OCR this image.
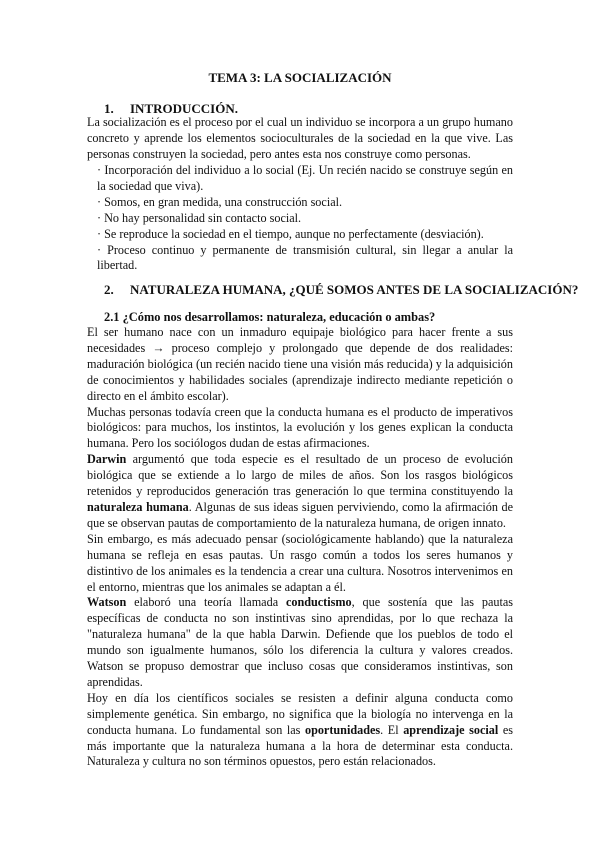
TEMA 3: LA SOCIALIZACIÓN
1. INTRODUCCIÓN.

La socialización es el proceso por el cual un individuo se incorpora a un grupo humano concreto y aprende los elementos socioculturales de la sociedad en la que vive. Las personas construyen la sociedad, pero antes esta nos construye como personas.

· Incorporación del individuo a lo social (Ej. Un recién nacido se construye según en la sociedad que viva).

· Somos, en gran medida, una construcción social.

· No hay personalidad sin contacto social.

· Se reproduce la sociedad en el tiempo, aunque no perfectamente (desviación).

· Proceso continuo y permanente de transmisión cultural, sin llegar a anular la libertad.

2. NATURALEZA HUMANA, ¿QUÉ SOMOS ANTES DE LA SOCIALIZACIÓN?
2.1 ¿Cómo nos desarrollamos: naturaleza, educación o ambas?

El ser humano nace con un inmaduro equipaje biológico para hacer frente a sus necesidades → proceso complejo y prolongado que depende de dos realidades: maduración biológica (un recién nacido tiene una visión más reducida) y la adquisición de conocimientos y habilidades sociales (aprendizaje indirecto mediante repetición o directo en el ámbito escolar).

Muchas personas todavía creen que la conducta humana es el producto de imperativos biológicos: para muchos, los instintos, la evolución y los genes explican la conducta humana. Pero los sociólogos dudan de estas afirmaciones.

Darwin argumentó que toda especie es el resultado de un proceso de evolución biológica que se extiende a lo largo de miles de años. Son los rasgos biológicos retenidos y reproducidos generación tras generación lo que termina constituyendo la naturaleza humana. Algunas de sus ideas siguen perviviendo, como la afirmación de que se observan pautas de comportamiento de la naturaleza humana, de origen innato.

Sin embargo, es más adecuado pensar (sociológicamente hablando) que la naturaleza humana se refleja en esas pautas. Un rasgo común a todos los seres humanos y distintivo de los animales es la tendencia a crear una cultura. Nosotros intervenimos en el entorno, mientras que los animales se adaptan a él.

Watson elaboró una teoría llamada conductismo, que sostenía que las pautas específicas de conducta no son instintivas sino aprendidas, por lo que rechaza la "naturaleza humana" de la que habla Darwin. Defiende que los pueblos de todo el mundo son igualmente humanos, sólo los diferencia la cultura y valores creados. Watson se propuso demostrar que incluso cosas que consideramos instintivas, son aprendidas.

Hoy en día los científicos sociales se resisten a definir alguna conducta como simplemente genética. Sin embargo, no significa que la biología no intervenga en la conducta humana. Lo fundamental son las oportunidades. El aprendizaje social es más importante que la naturaleza humana a la hora de determinar esta conducta. Naturaleza y cultura no son términos opuestos, pero están relacionados.
